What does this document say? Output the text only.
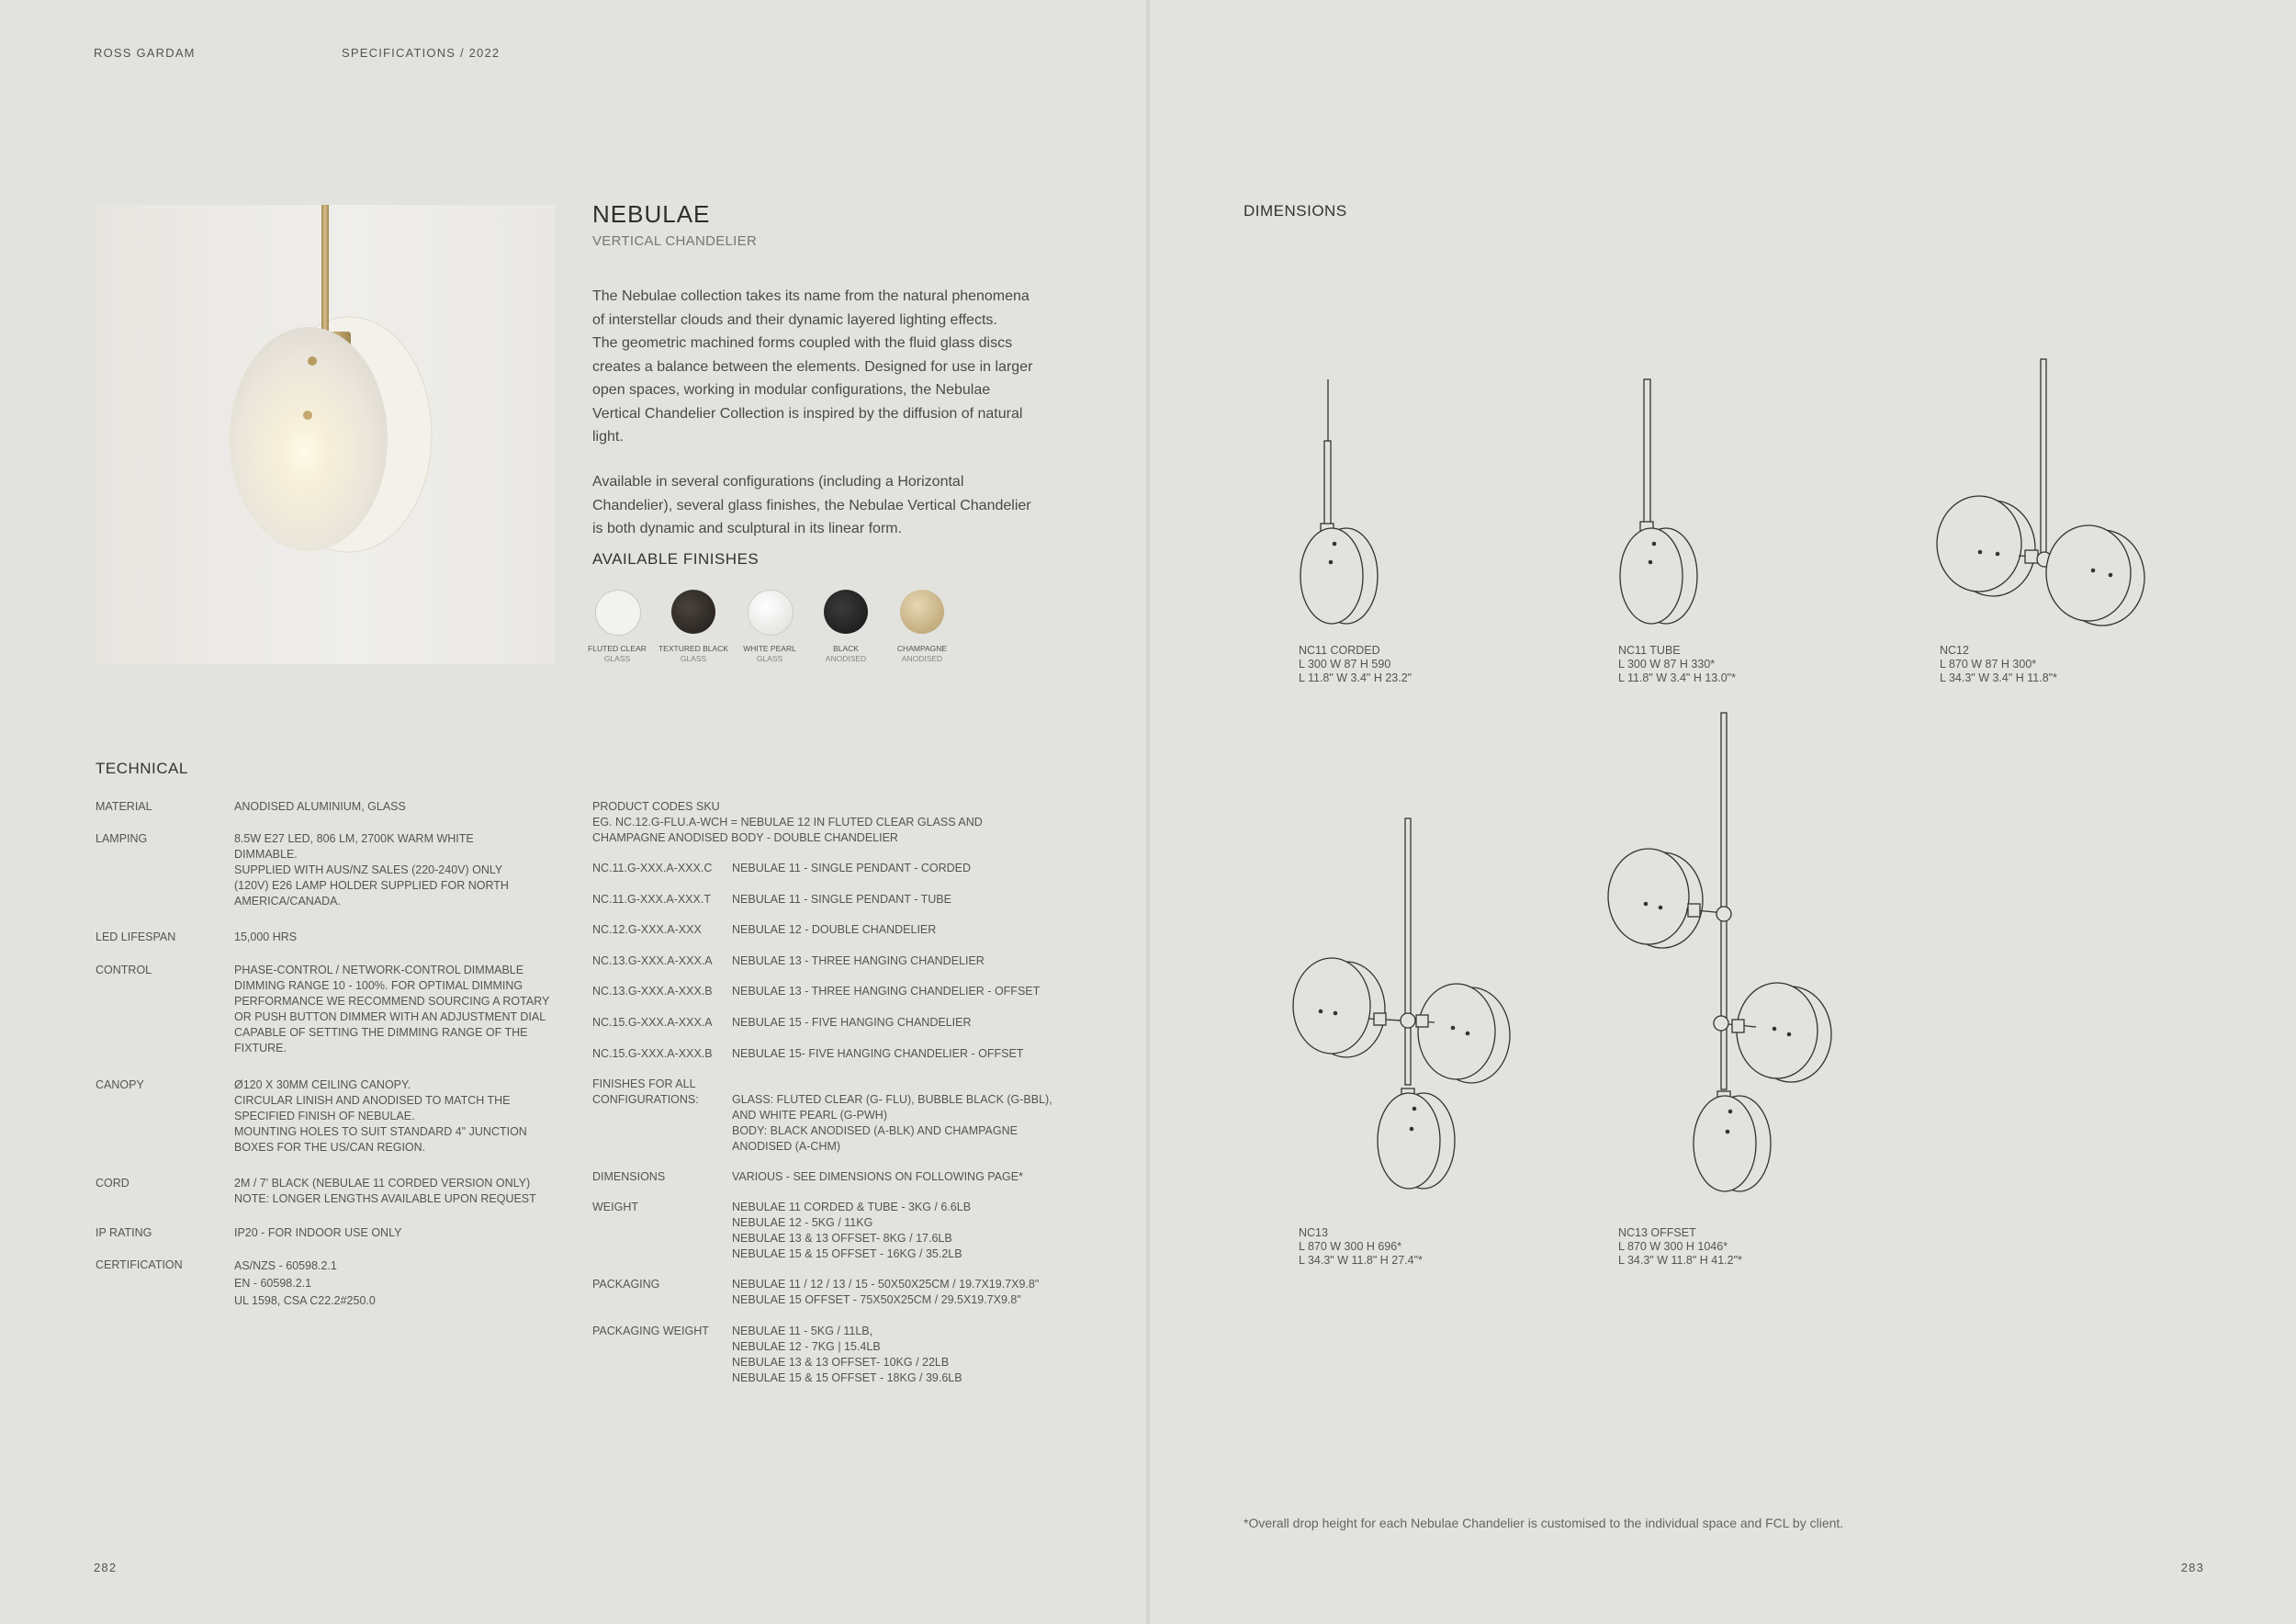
ROSS GARDAM	SPECIFICATIONS / 2022
NEBULAE
VERTICAL CHANDELIER
The Nebulae collection takes its name from the natural phenomena
of interstellar clouds and their dynamic layered lighting effects.
The geometric machined forms coupled with the fluid glass discs
creates a balance between the elements. Designed for use in larger
open spaces, working in modular configurations, the Nebulae
Vertical Chandelier Collection is inspired by the diffusion of natural
light.
Available in several configurations (including a Horizontal
Chandelier), several glass finishes, the Nebulae Vertical Chandelier
is both dynamic and sculptural in its linear form.
AVAILABLE FINISHES
FLUTED CLEAR
GLASS
TEXTURED BLACK
GLASS
WHITE PEARL
GLASS
BLACK
ANODISED
CHAMPAGNE
ANODISED
TECHNICAL
MATERIAL	ANODISED ALUMINIUM, GLASS
LAMPING	8.5W E27 LED, 806 LM, 2700K WARM WHITE
DIMMABLE.
SUPPLIED WITH AUS/NZ SALES (220-240V) ONLY
(120V) E26 LAMP HOLDER SUPPLIED FOR NORTH
AMERICA/CANADA.
LED LIFESPAN	15,000 HRS
CONTROL	PHASE-CONTROL / NETWORK-CONTROL DIMMABLE
DIMMING RANGE 10 - 100%. FOR OPTIMAL DIMMING
PERFORMANCE WE RECOMMEND SOURCING A ROTARY
OR PUSH BUTTON DIMMER WITH AN ADJUSTMENT DIAL
CAPABLE OF SETTING THE DIMMING RANGE OF THE
FIXTURE.
CANOPY	Ø120 X 30MM CEILING CANOPY.
CIRCULAR LINISH AND ANODISED TO MATCH THE
SPECIFIED FINISH OF NEBULAE.
MOUNTING HOLES TO SUIT STANDARD 4" JUNCTION
BOXES FOR THE US/CAN REGION.
CORD	2M / 7' BLACK (NEBULAE 11 CORDED VERSION ONLY)
NOTE: LONGER LENGTHS AVAILABLE UPON REQUEST
IP RATING	IP20 - FOR INDOOR USE ONLY
CERTIFICATION	AS/NZS - 60598.2.1
EN - 60598.2.1
UL 1598, CSA C22.2#250.0
PRODUCT CODES SKU
EG. NC.12.G-FLU.A-WCH = NEBULAE 12 IN FLUTED CLEAR GLASS AND
CHAMPAGNE ANODISED BODY - DOUBLE CHANDELIER
NC.11.G-XXX.A-XXX.C NEBULAE 11 - SINGLE PENDANT - CORDED
NC.11.G-XXX.A-XXX.T NEBULAE 11 - SINGLE PENDANT - TUBE
NC.12.G-XXX.A-XXX	NEBULAE 12 - DOUBLE CHANDELIER
NC.13.G-XXX.A-XXX.A NEBULAE 13 - THREE HANGING CHANDELIER
NC.13.G-XXX.A-XXX.B NEBULAE 13 - THREE HANGING CHANDELIER - OFFSET
NC.15.G-XXX.A-XXX.A NEBULAE 15 - FIVE HANGING CHANDELIER
NC.15.G-XXX.A-XXX.B NEBULAE 15- FIVE HANGING CHANDELIER - OFFSET
FINISHES FOR ALL
CONFIGURATIONS:	GLASS: FLUTED CLEAR (G- FLU), BUBBLE BLACK (G-BBL),
AND WHITE PEARL (G-PWH)
BODY: BLACK ANODISED (A-BLK) AND CHAMPAGNE
ANODISED (A-CHM)
DIMENSIONS	VARIOUS - SEE DIMENSIONS ON FOLLOWING PAGE*
WEIGHT	NEBULAE 11 CORDED & TUBE - 3KG / 6.6LB
NEBULAE 12 - 5KG / 11KG
NEBULAE 13 & 13 OFFSET- 8KG / 17.6LB
NEBULAE 15 & 15 OFFSET - 16KG / 35.2LB
PACKAGING	NEBULAE 11 / 12 / 13 / 15 - 50X50X25CM / 19.7X19.7X9.8"
NEBULAE 15 OFFSET - 75X50X25CM / 29.5X19.7X9.8"
PACKAGING WEIGHT NEBULAE 11 - 5KG / 11LB,
NEBULAE 12 - 7KG | 15.4LB
NEBULAE 13 & 13 OFFSET- 10KG / 22LB
NEBULAE 15 & 15 OFFSET - 18KG / 39.6LB
282
DIMENSIONS
NC11 CORDED
L 300 W 87 H 590
L 11.8" W 3.4" H 23.2"
NC11 TUBE
L 300 W 87 H 330*
L 11.8" W 3.4" H 13.0"*
NC12
L 870 W 87 H 300*
L 34.3" W 3.4" H 11.8"*
NC13
L 870 W 300 H 696*
L 34.3" W 11.8" H 27.4"*
NC13 OFFSET
L 870 W 300 H 1046*
L 34.3" W 11.8" H 41.2"*
*Overall drop height for each Nebulae Chandelier is customised to the individual space and FCL by client.
283
